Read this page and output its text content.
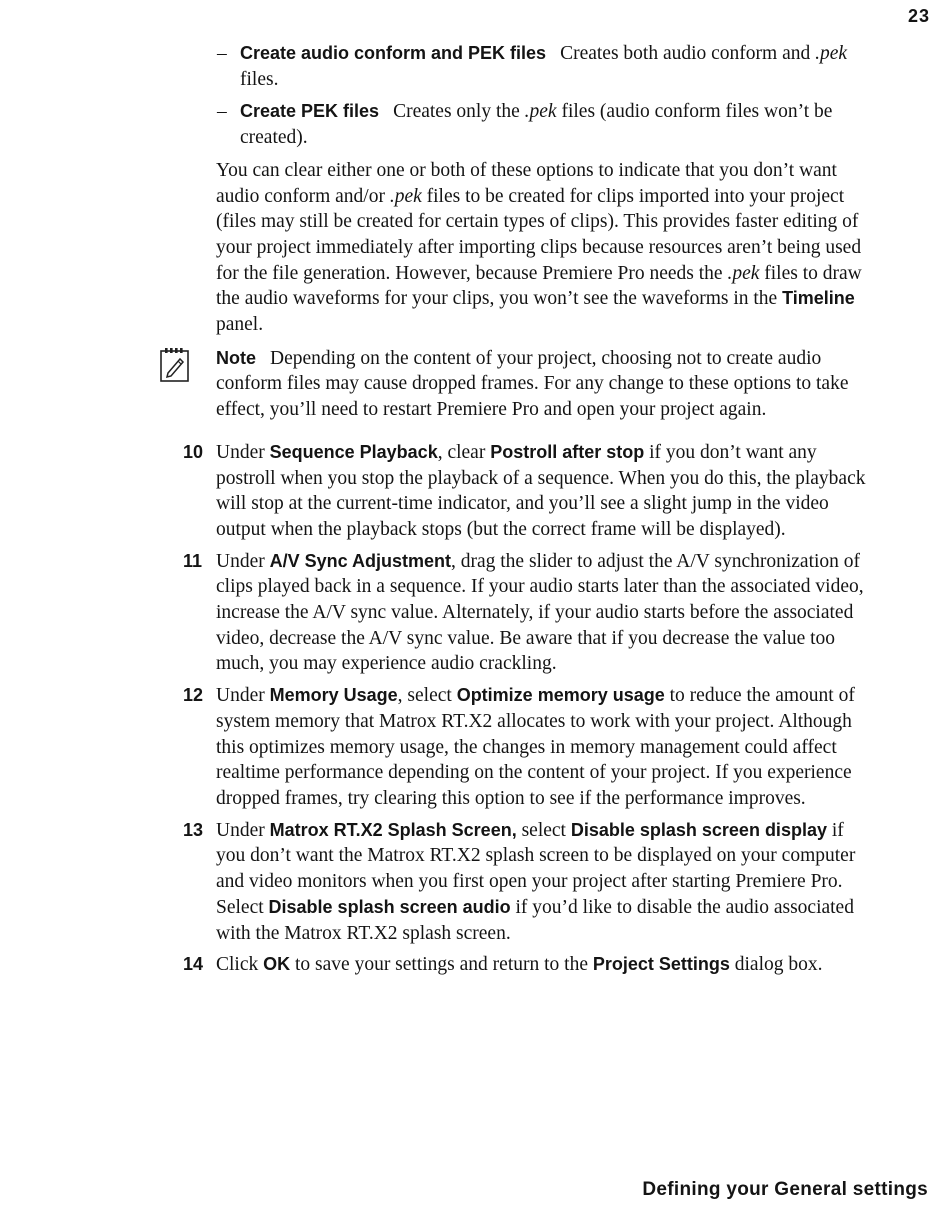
23
– Create audio conform and PEK files Creates both audio conform and .pek files.
– Create PEK files Creates only the .pek files (audio conform files won’t be created).
You can clear either one or both of these options to indicate that you don’t want audio conform and/or .pek files to be created for clips imported into your project (files may still be created for certain types of clips). This provides faster editing of your project immediately after importing clips because resources aren’t being used for the file generation. However, because Premiere Pro needs the .pek files to draw the audio waveforms for your clips, you won’t see the waveforms in the Timeline panel.
Note Depending on the content of your project, choosing not to create audio conform files may cause dropped frames. For any change to these options to take effect, you’ll need to restart Premiere Pro and open your project again.
10 Under Sequence Playback, clear Postroll after stop if you don’t want any postroll when you stop the playback of a sequence. When you do this, the playback will stop at the current-time indicator, and you’ll see a slight jump in the video output when the playback stops (but the correct frame will be displayed).
11 Under A/V Sync Adjustment, drag the slider to adjust the A/V synchronization of clips played back in a sequence. If your audio starts later than the associated video, increase the A/V sync value. Alternately, if your audio starts before the associated video, decrease the A/V sync value. Be aware that if you decrease the value too much, you may experience audio crackling.
12 Under Memory Usage, select Optimize memory usage to reduce the amount of system memory that Matrox RT.X2 allocates to work with your project. Although this optimizes memory usage, the changes in memory management could affect realtime performance depending on the content of your project. If you experience dropped frames, try clearing this option to see if the performance improves.
13 Under Matrox RT.X2 Splash Screen, select Disable splash screen display if you don’t want the Matrox RT.X2 splash screen to be displayed on your computer and video monitors when you first open your project after starting Premiere Pro. Select Disable splash screen audio if you’d like to disable the audio associated with the Matrox RT.X2 splash screen.
14 Click OK to save your settings and return to the Project Settings dialog box.
Defining your General settings
